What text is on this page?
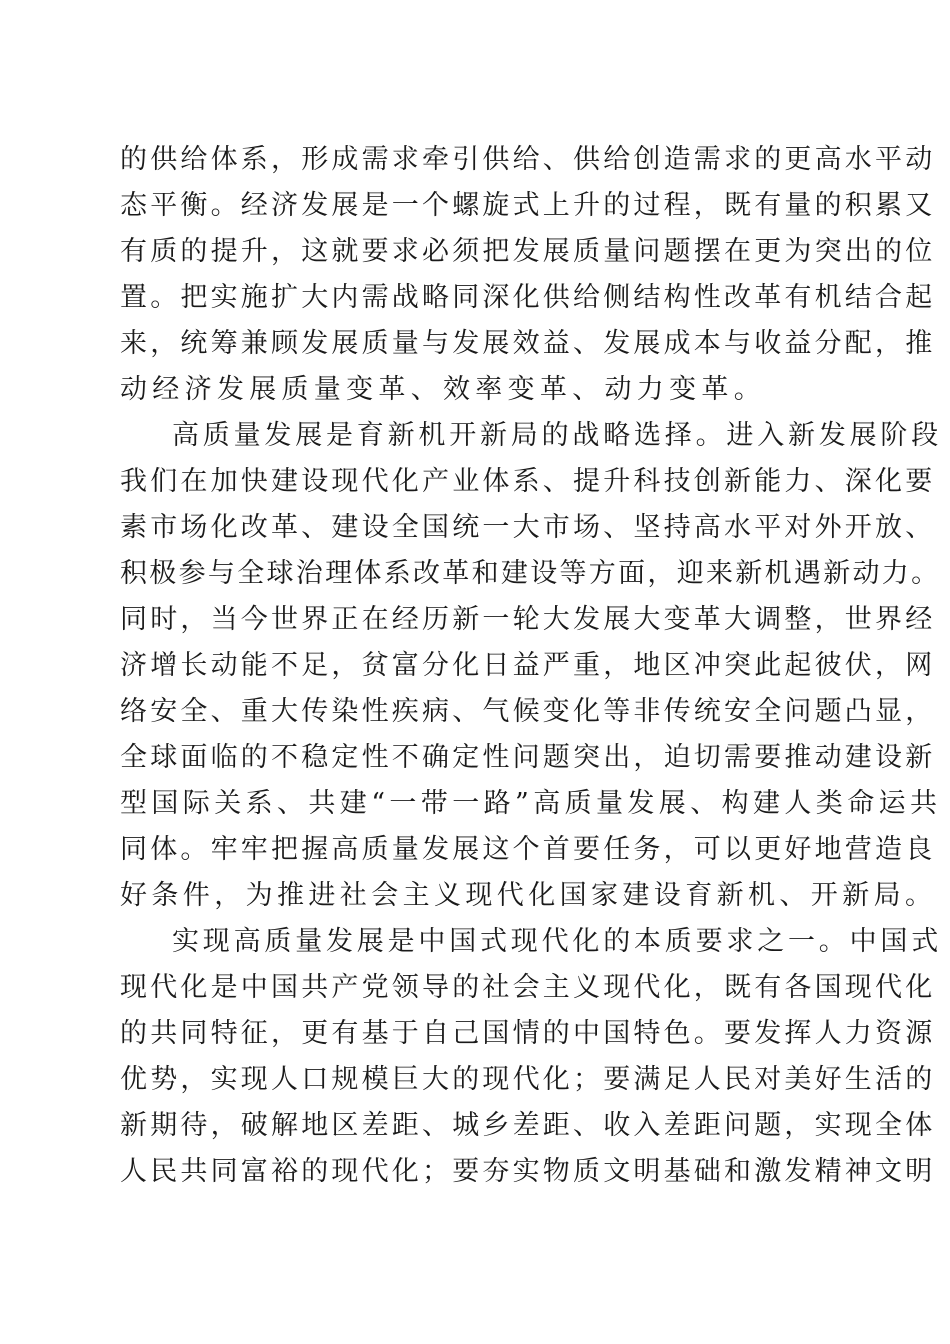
的供给体系，形成需求牵引供给、供给创造需求的更高水平动
态平衡。经济发展是一个螺旋式上升的过程，既有量的积累又
有质的提升，这就要求必须把发展质量问题摆在更为突出的位
置。把实施扩大内需战略同深化供给侧结构性改革有机结合起
来，统筹兼顾发展质量与发展效益、发展成本与收益分配，推
动经济发展质量变革、效率变革、动力变革。
高质量发展是育新机开新局的战略选择。进入新发展阶段
我们在加快建设现代化产业体系、提升科技创新能力、深化要
素市场化改革、建设全国统一大市场、坚持高水平对外开放、
积极参与全球治理体系改革和建设等方面，迎来新机遇新动力。
同时，当今世界正在经历新一轮大发展大变革大调整，世界经
济增长动能不足，贫富分化日益严重，地区冲突此起彼伏，网
络安全、重大传染性疾病、气候变化等非传统安全问题凸显，
全球面临的不稳定性不确定性问题突出，迫切需要推动建设新
型国际关系、共建“一带一路”高质量发展、构建人类命运共
同体。牢牢把握高质量发展这个首要任务，可以更好地营造良
好条件，为推进社会主义现代化国家建设育新机、开新局。
实现高质量发展是中国式现代化的本质要求之一。中国式
现代化是中国共产党领导的社会主义现代化，既有各国现代化
的共同特征，更有基于自己国情的中国特色。要发挥人力资源
优势，实现人口规模巨大的现代化；要满足人民对美好生活的
新期待，破解地区差距、城乡差距、收入差距问题，实现全体
人民共同富裕的现代化；要夯实物质文明基础和激发精神文明
